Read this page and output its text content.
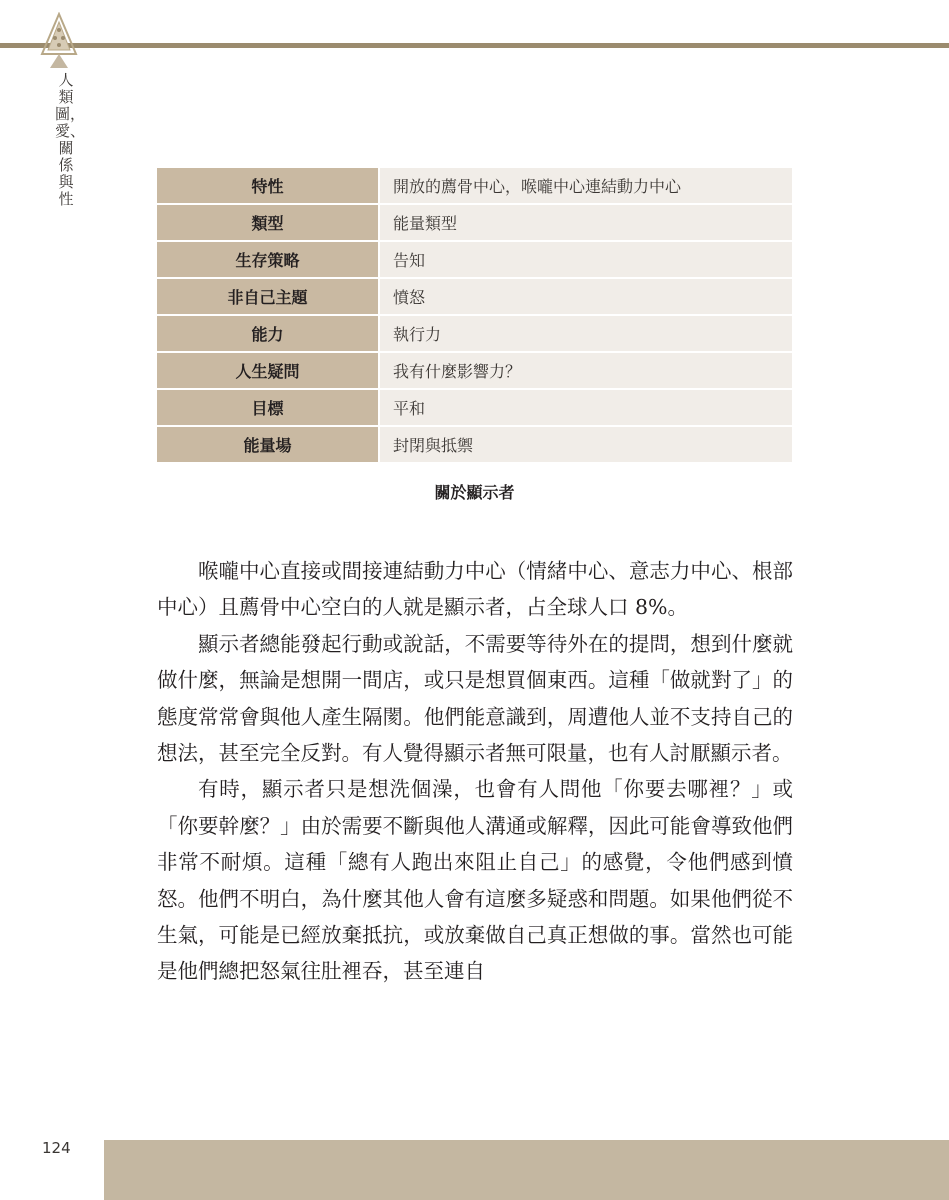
人類圖，愛、關係與性
特性	開放的薦骨中心，喉嚨中心連結動力中心
類型	能量類型
生存策略	告知
非自己主題	憤怒
能力	執行力
人生疑問	我有什麼影響力？
目標	平和
能量場	封閉與抵禦
關於顯示者

喉嚨中心直接或間接連結動力中心（情緒中心、意志力中心、根部中心）且薦骨中心空白的人就是顯示者，占全球人口 8%。

顯示者總能發起行動或說話，不需要等待外在的提問，想到什麼就做什麼，無論是想開一間店，或只是想買個東西。這種「做就對了」的態度常常會與他人產生隔閡。他們能意識到，周遭他人並不支持自己的想法，甚至完全反對。有人覺得顯示者無可限量，也有人討厭顯示者。

有時，顯示者只是想洗個澡，也會有人問他「你要去哪裡？」或「你要幹麼？」由於需要不斷與他人溝通或解釋，因此可能會導致他們非常不耐煩。這種「總有人跑出來阻止自己」的感覺，令他們感到憤怒。他們不明白，為什麼其他人會有這麼多疑惑和問題。如果他們從不生氣，可能是已經放棄抵抗，或放棄做自己真正想做的事。當然也可能是他們總把怒氣往肚裡吞，甚至連自

124
